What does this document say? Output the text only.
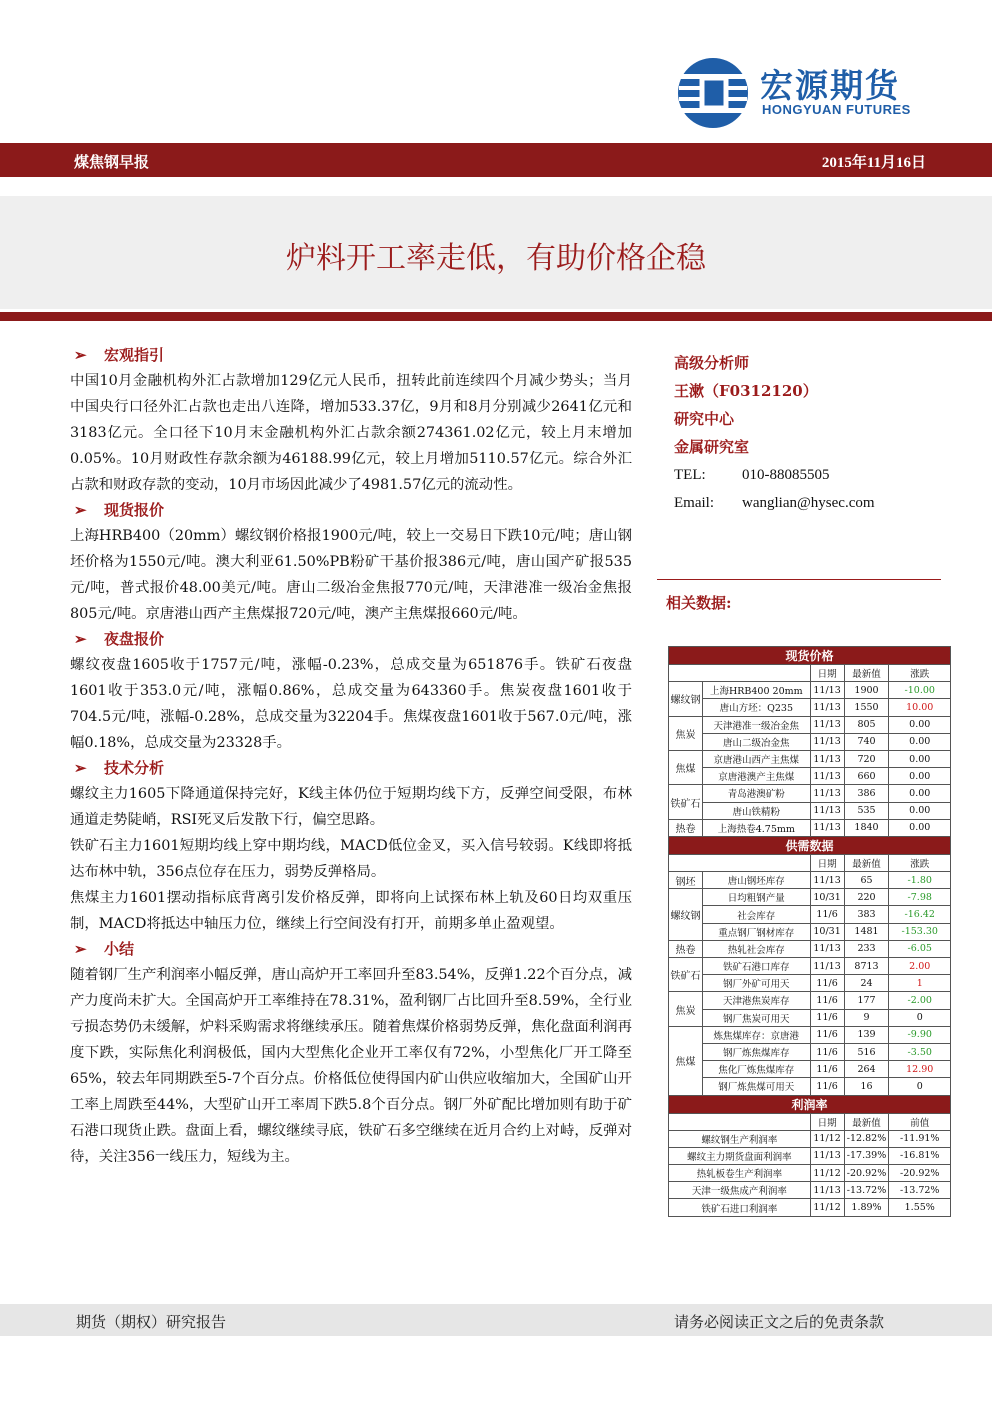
宏源期货
HONGYUAN FUTURES
煤焦钢早报	2015年11月16日
炉料开工率走低，有助价格企稳
➢ 宏观指引
中国10月金融机构外汇占款增加129亿元人民币，扭转此前连续四个月减少势头；当月中国央行口径外汇占款也走出八连降，增加533.37亿，9月和8月分别减少2641亿元和3183亿元。全口径下10月末金融机构外汇占款余额274361.02亿元，较上月末增加0.05%。10月财政性存款余额为46188.99亿元，较上月增加5110.57亿元。综合外汇占款和财政存款的变动，10月市场因此减少了4981.57亿元的流动性。
➢ 现货报价
上海HRB400（20mm）螺纹钢价格报1900元/吨，较上一交易日下跌10元/吨；唐山钢坯价格为1550元/吨。澳大利亚61.50%PB粉矿干基价报386元/吨，唐山国产矿报535元/吨，普式报价48.00美元/吨。唐山二级冶金焦报770元/吨，天津港准一级冶金焦报805元/吨。京唐港山西产主焦煤报720元/吨，澳产主焦煤报660元/吨。
➢ 夜盘报价
螺纹夜盘1605收于1757元/吨，涨幅-0.23%，总成交量为651876手。铁矿石夜盘1601收于353.0元/吨，涨幅0.86%，总成交量为643360手。焦炭夜盘1601收于704.5元/吨，涨幅-0.28%，总成交量为32204手。焦煤夜盘1601收于567.0元/吨，涨幅0.18%，总成交量为23328手。
➢ 技术分析
螺纹主力1605下降通道保持完好，K线主体仍位于短期均线下方，反弹空间受限，布林通道走势陡峭，RSI死叉后发散下行，偏空思路。
铁矿石主力1601短期均线上穿中期均线，MACD低位金叉，买入信号较弱。K线即将抵达布林中轨，356点位存在压力，弱势反弹格局。
焦煤主力1601摆动指标底背离引发价格反弹，即将向上试探布林上轨及60日均双重压制，MACD将抵达中轴压力位，继续上行空间没有打开，前期多单止盈观望。
➢ 小结
随着钢厂生产利润率小幅反弹，唐山高炉开工率回升至83.54%，反弹1.22个百分点，减产力度尚未扩大。全国高炉开工率维持在78.31%，盈利钢厂占比回升至8.59%，全行业亏损态势仍未缓解，炉料采购需求将继续承压。随着焦煤价格弱势反弹，焦化盘面利润再度下跌，实际焦化利润极低，国内大型焦化企业开工率仅有72%，小型焦化厂开工降至65%，较去年同期跌至5-7个百分点。价格低位使得国内矿山供应收缩加大，全国矿山开工率上周跌至44%，大型矿山开工率周下跌5.8个百分点。钢厂外矿配比增加则有助于矿石港口现货止跌。盘面上看，螺纹继续寻底，铁矿石多空继续在近月合约上对峙，反弹对待，关注356一线压力，短线为主。
高级分析师
王漱（F0312120）
研究中心
金属研究室
TEL: 010-88085505
Email: wanglian@hysec.com
相关数据:
现货价格				
		日期	最新值	涨跌
螺纹钢	上海HRB400 20mm	11/13	1900	-10.00
	唐山方坯：Q235	11/13	1550	10.00
焦炭	天津港准一级冶金焦	11/13	805	0.00
	唐山二级冶金焦	11/13	740	0.00
焦煤	京唐港山西产主焦煤	11/13	720	0.00
	京唐港澳产主焦煤	11/13	660	0.00
铁矿石	青岛港澳矿粉	11/13	386	0.00
	唐山铁精粉	11/13	535	0.00
热卷	上海热卷4.75mm	11/13	1840	0.00
供需数据				
		日期	最新值	涨跌
钢坯	唐山钢坯库存	11/13	65	-1.80
螺纹钢	日均粗钢产量	10/31	220	-7.98
	社会库存	11/6	383	-16.42
	重点钢厂钢材库存	10/31	1481	-153.30
热卷	热轧社会库存	11/13	233	-6.05
铁矿石	铁矿石港口库存	11/13	8713	2.00
	钢厂外矿可用天	11/6	24	1
焦炭	天津港焦炭库存	11/6	177	-2.00
	钢厂焦炭可用天	11/6	9	0
焦煤	炼焦煤库存：京唐港	11/6	139	-9.90
	钢厂炼焦煤库存	11/6	516	-3.50
	焦化厂炼焦煤库存	11/6	264	12.90
	钢厂炼焦煤可用天	11/6	16	0
利润率				
		日期	最新值	前值
螺纹钢生产利润率		11/12	-12.82%	-11.91%
螺纹主力期货盘面利润率		11/13	-17.39%	-16.81%
热轧板卷生产利润率		11/12	-20.92%	-20.92%
天津一级焦成产利润率		11/13	-13.72%	-13.72%
铁矿石进口利润率		11/12	1.89%	1.55%
期货（期权）研究报告	请务必阅读正文之后的免责条款
